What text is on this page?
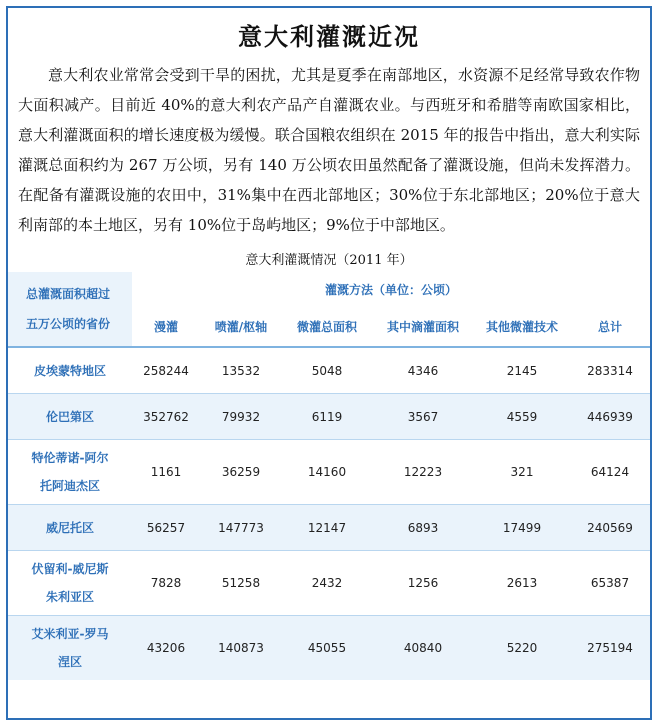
意大利灌溉近况
意大利农业常常会受到干旱的困扰，尤其是夏季在南部地区，水资源不足经常导致农作物大面积减产。目前近 40%的意大利农产品产自灌溉农业。与西班牙和希腊等南欧国家相比，意大利灌溉面积的增长速度极为缓慢。联合国粮农组织在 2015 年的报告中指出，意大利实际灌溉总面积约为 267 万公顷，另有 140 万公顷农田虽然配备了灌溉设施，但尚未发挥潜力。在配备有灌溉设施的农田中，31%集中在西北部地区；30%位于东北部地区；20%位于意大利南部的本土地区，另有 10%位于岛屿地区；9%位于中部地区。
意大利灌溉情况（2011 年）
总灌溉面积超过
五万公顷的省份	灌溉方法（单位：公顷）					
	漫灌	喷灌/枢轴	微灌总面积	其中滴灌面积	其他微灌技术	总计

皮埃蒙特地区	258244	13532	5048	4346	2145	283314

伦巴第区	352762	79932	6119	3567	4559	446939

特伦蒂诺-阿尔
托阿迪杰区	1161	36259	14160	12223	321	64124

威尼托区	56257	147773	12147	6893	17499	240569

伏留利-威尼斯
朱利亚区	7828	51258	2432	1256	2613	65387

艾米利亚-罗马
涅区	43206	140873	45055	40840	5220	275194
